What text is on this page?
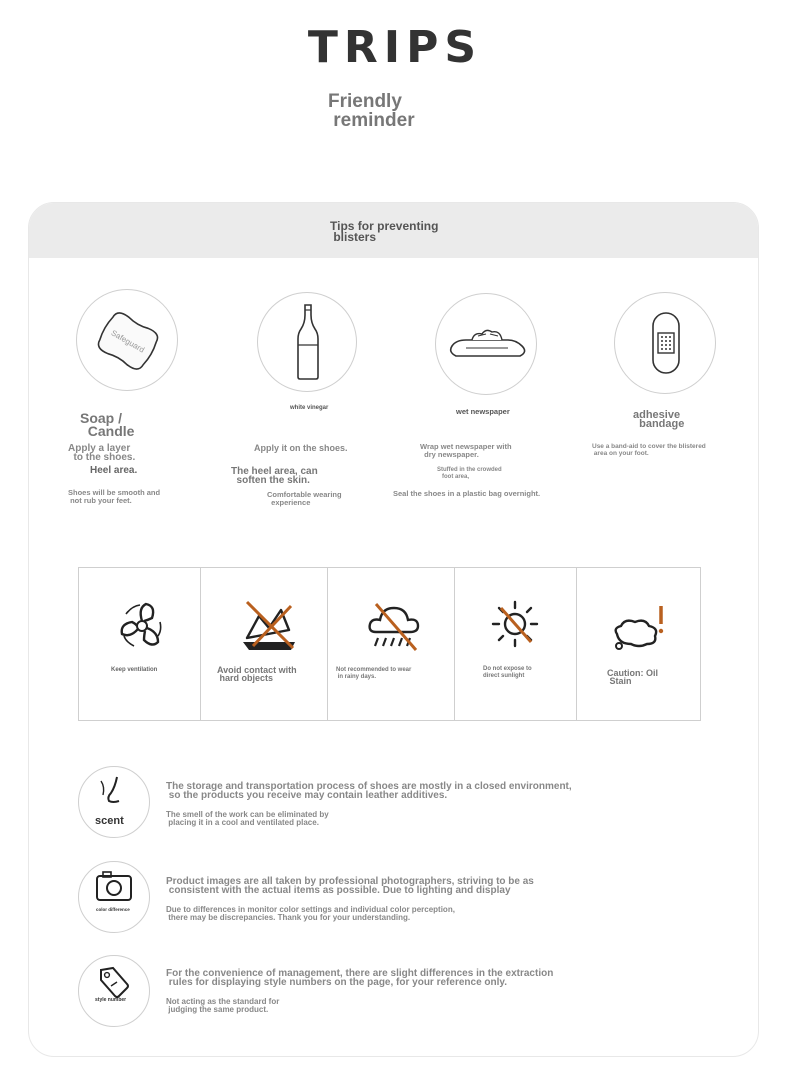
TRIPS
Friendly
reminder
Tips for preventing
blisters
Safeguard
Soap /
Candle
Apply a layer
to the shoes.
Heel area.
Shoes will be smooth and
not rub your feet.
white vinegar
Apply it on the shoes.
The heel area, can
soften the skin.
Comfortable wearing
experience
wet newspaper
Wrap wet newspaper with
dry newspaper.
Stuffed in the crowded
foot area,
Seal the shoes in a plastic bag overnight.
adhesive
bandage
Use a band-aid to cover the blistered
area on your foot.
Keep ventilation	Avoid contact with
hard objects
Not recommended to wear
in rainy days.
Do not expose to
direct sunlight	Caution: Oil
Stain
scent
The storage and transportation process of shoes are mostly in a closed environment,
so the products you receive may contain leather additives.
The smell of the work can be eliminated by
placing it in a cool and ventilated place.
color difference
Product images are all taken by professional photographers, striving to be as
consistent with the actual items as possible. Due to lighting and display
Due to differences in monitor color settings and individual color perception,
there may be discrepancies. Thank you for your understanding.
style number
For the convenience of management, there are slight differences in the extraction
rules for displaying style numbers on the page, for your reference only.
Not acting as the standard for
judging the same product.
